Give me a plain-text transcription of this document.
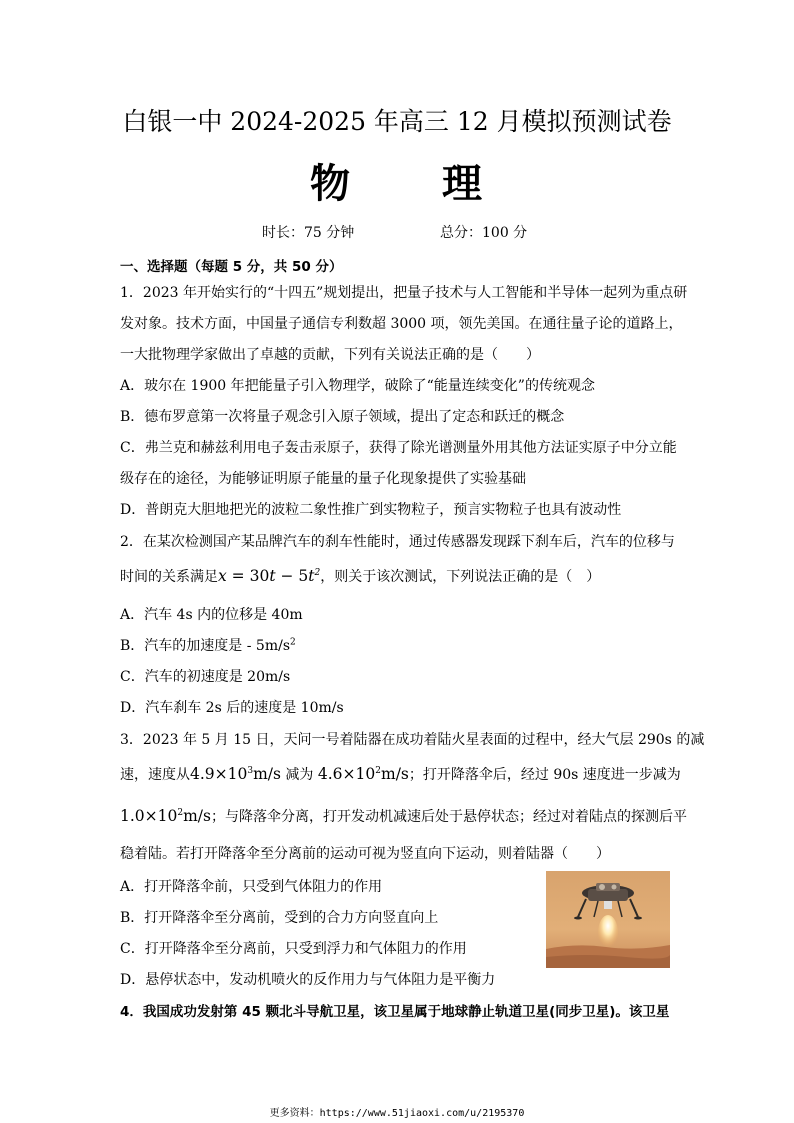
白银一中 2024-2025 年高三 12 月模拟预测试卷
物 理
时长：75 分钟	总分：100 分
一、选择题（每题 5 分，共 50 分）
1．2023 年开始实行的“十四五”规划提出，把量子技术与人工智能和半导体一起列为重点研
发对象。技术方面，中国量子通信专利数超 3000 项，领先美国。在通往量子论的道路上，
一大批物理学家做出了卓越的贡献，下列有关说法正确的是（　　）
A．玻尔在 1900 年把能量子引入物理学，破除了“能量连续变化”的传统观念
B．德布罗意第一次将量子观念引入原子领域，提出了定态和跃迁的概念
C．弗兰克和赫兹利用电子轰击汞原子，获得了除光谱测量外用其他方法证实原子中分立能
级存在的途径，为能够证明原子能量的量子化现象提供了实验基础
D．普朗克大胆地把光的波粒二象性推广到实物粒子，预言实物粒子也具有波动性
2．在某次检测国产某品牌汽车的刹车性能时，通过传感器发现踩下刹车后，汽车的位移与
时间的关系满足$x = 30t - 5t^2$，则关于该次测试，下列说法正确的是（　）
A．汽车 4s 内的位移是 40m
B．汽车的加速度是 - $5m/s^2$
C．汽车的初速度是 20m/s
D．汽车刹车 2s 后的速度是 10m/s
3．2023 年 5 月 15 日，天问一号着陆器在成功着陆火星表面的过程中，经大气层 290s 的减
速，速度从$4.9\times 10^3m/s$ 减为 $4.6\times 10^2m/s$；打开降落伞后，经过 90s 速度进一步减为
$1.0\times 10^2m/s$；与降落伞分离，打开发动机减速后处于悬停状态；经过对着陆点的探测后平
稳着陆。若打开降落伞至分离前的运动可视为竖直向下运动，则着陆器（　　）
A．打开降落伞前，只受到气体阻力的作用
B．打开降落伞至分离前，受到的合力方向竖直向上
C．打开降落伞至分离前，只受到浮力和气体阻力的作用
D．悬停状态中，发动机喷火的反作用力与气体阻力是平衡力
4．我国成功发射第 45 颗北斗导航卫星，该卫星属于地球静止轨道卫星(同步卫星)。该卫星
更多资料：https://www.51jiaoxi.com/u/2195370
